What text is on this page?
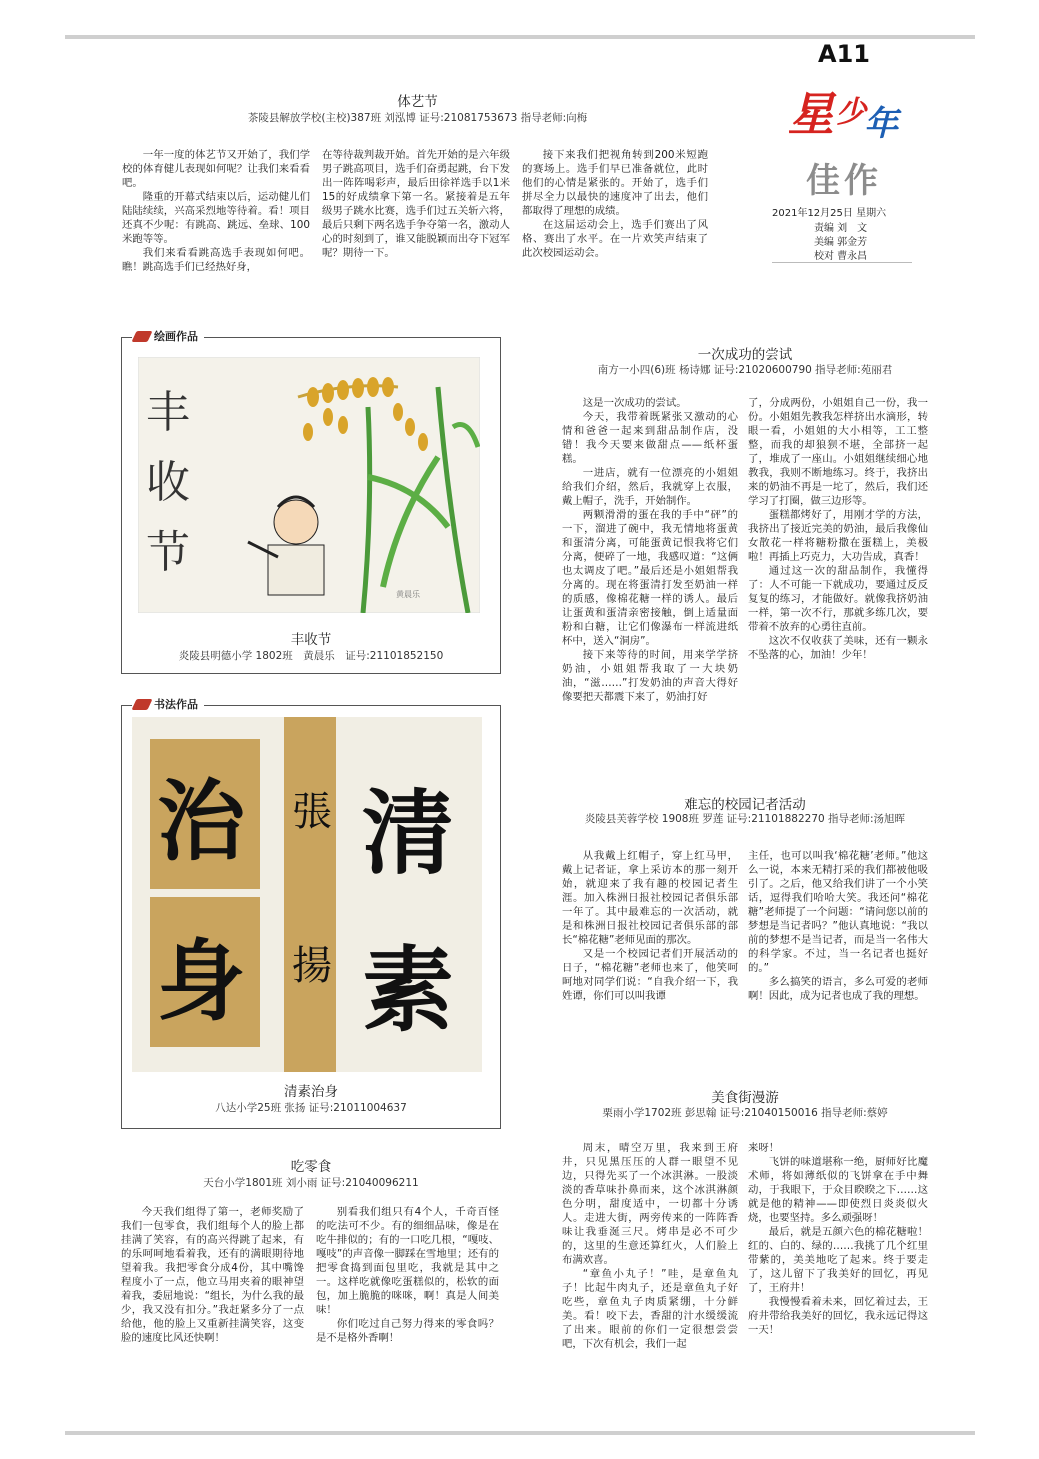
A11
星 少
年
佳作
2021年12月25日 星期六
责编 刘　文
美编 郭金芳
校对 曹永昌
体艺节
茶陵县解放学校(主校)387班 刘泓博 证号:21081753673 指导老师:向梅

一年一度的体艺节又开始了，我们学校的体育健儿表现如何呢？让我们来看看吧。

隆重的开幕式结束以后，运动健儿们陆陆续续，兴高采烈地等待着。看！项目还真不少呢：有跳高、跳远、垒球、100米跑等等。

我们来看看跳高选手表现如何吧。瞧！跳高选手们已经热好身，

在等待裁判裁开始。首先开始的是六年级男子跳高项目，选手们奋勇起跳，台下发出一阵阵喝彩声，最后田徐祥选手以1米15的好成绩拿下第一名。紧接着是五年级男子跳水比赛，选手们过五关斩六将，最后只剩下两名选手争夺第一名，激动人心的时刻到了，谁又能脱颖而出夺下冠军呢？期待一下。

接下来我们把视角转到200米短跑的赛场上。选手们早已准备就位，此时他们的心情是紧张的。开始了，选手们拼尽全力以最快的速度冲了出去，他们都取得了理想的成绩。

在这届运动会上，选手们赛出了风格、赛出了水平。在一片欢笑声结束了此次校园运动会。

绘画作品
丰
收
节
黄晨乐
丰收节
炎陵县明德小学 1802班　黄晨乐　证号:21101852150
书法作品
清
素
治
身
張
揚
清素治身
八达小学25班 张扬 证号:21011004637
吃零食
天台小学1801班 刘小雨 证号:21040096211

今天我们组得了第一，老师奖励了我们一包零食，我们组每个人的脸上都挂满了笑容，有的高兴得跳了起来，有的乐呵呵地看着我，还有的满眼期待地望着我。我把零食分成4份，其中嘴馋程度小了一点，他立马用夹着的眼神望着我，委屈地说：“组长，为什么我的最少，我又没有扣分。”我赶紧多分了一点给他，他的脸上又重新挂满笑容，这变脸的速度比风还快啊！

别看我们组只有4个人，千奇百怪的吃法可不少。有的细细品味，像是在吃牛排似的；有的一口吃几根，“嘎吱、嘎吱”的声音像一脚踩在雪地里；还有的把零食捣到面包里吃，我就是其中之一。这样吃就像吃蛋糕似的，松软的面包，加上脆脆的咪咪，啊！真是人间美味！

你们吃过自己努力得来的零食吗？是不是格外香啊！

一次成功的尝试
南方一小四(6)班 杨诗娜 证号:21020600790 指导老师:苑丽君

这是一次成功的尝试。

今天，我带着既紧张又激动的心情和爸爸一起来到甜品制作店，没错！我今天要来做甜点——纸杯蛋糕。

一进店，就有一位漂亮的小姐姐给我们介绍，然后，我就穿上衣服，戴上帽子，洗手，开始制作。

两颗滑滑的蛋在我的手中“砰”的一下，溜进了碗中，我无情地将蛋黄和蛋清分离，可能蛋黄记恨我将它们分离，便碎了一地，我感叹道：“这俩也太调皮了吧。”最后还是小姐姐帮我分离的。现在将蛋清打发至奶油一样的质感，像棉花糖一样的诱人。最后让蛋黄和蛋清亲密接触，倒上适量面粉和白糖，让它们像瀑布一样流进纸杯中，送入“洞房”。

接下来等待的时间，用来学学挤奶油，小姐姐帮我取了一大块奶油，“滋……”打发奶油的声音大得好像要把天都震下来了，奶油打好

了，分成两份，小姐姐自己一份，我一份。小姐姐先教我怎样挤出水滴形，转眼一看，小姐姐的大小相等，工工整整，而我的却狼狈不堪，全部挤一起了，堆成了一座山。小姐姐继续细心地教我，我则不断地练习。终于，我挤出来的奶油不再是一坨了，然后，我们还学习了打圈，做三边形等。

蛋糕都烤好了，用刚才学的方法，我挤出了接近完美的奶油，最后我像仙女散花一样将糖粉撒在蛋糕上，美极啦！再插上巧克力，大功告成，真香！

通过这一次的甜品制作，我懂得了：人不可能一下就成功，要通过反反复复的练习，才能做好。就像我挤奶油一样，第一次不行，那就多练几次，要带着不放弃的心勇往直前。

这次不仅收获了美味，还有一颗永不坠落的心，加油！少年！

难忘的校园记者活动
炎陵县芙蓉学校 1908班 罗莲 证号:21101882270 指导老师:汤旭晖

从我戴上红帽子，穿上红马甲，戴上记者证，拿上采访本的那一刻开始，就迎来了我有趣的校园记者生涯。加入株洲日报社校园记者俱乐部一年了。其中最难忘的一次活动，就是和株洲日报社校园记者俱乐部的部长“棉花糖”老师见面的那次。

又是一个校园记者们开展活动的日子，“棉花糖”老师也来了，他笑呵呵地对同学们说：“自我介绍一下，我姓谭，你们可以叫我谭

主任，也可以叫我‘棉花糖’老师。”他这么一说，本来无精打采的我们都被他吸引了。之后，他又给我们讲了一个小笑话，逗得我们哈哈大笑。我还问“棉花糖”老师提了一个问题：“请问您以前的梦想是当记者吗？”他认真地说：“我以前的梦想不是当记者，而是当一名伟大的科学家。不过，当一名记者也挺好的。”

多么搞笑的语言，多么可爱的老师啊！因此，成为记者也成了我的理想。

美食街漫游
栗雨小学1702班 彭思翰 证号:21040150016 指导老师:蔡婷

周末，晴空万里，我来到王府井，只见黑压压的人群一眼望不见边，只得先买了一个冰淇淋。一股淡淡的香草味扑鼻而来，这个冰淇淋颜色分明，甜度适中，一切都十分诱人。走进大街，两旁传来的一阵阵香味让我垂涎三尺。烤串是必不可少的，这里的生意还算红火，人们脸上布满欢喜。

“章鱼小丸子！”哇，是章鱼丸子！比起牛肉丸子，还是章鱼丸子好吃些，章鱼丸子肉质紧绷，十分鲜美。看！咬下去，香甜的汁水缓缓流了出来。眼前的你们一定很想尝尝吧，下次有机会，我们一起

来呀！

飞饼的味道堪称一绝，厨师好比魔术师，将如薄纸似的飞饼拿在手中舞动，于我眼下，于众目睽睽之下……这就是他的精神——即使烈日炎炎似火烧，也要坚持。多么顽强呀！

最后，就是五颜六色的棉花糖啦！红的、白的、绿的……我挑了几个红里带紫的，美美地吃了起来。终于要走了，这儿留下了我美好的回忆，再见了，王府井！

我慢慢看着未来，回忆着过去，王府井带给我美好的回忆，我永远记得这一天！
